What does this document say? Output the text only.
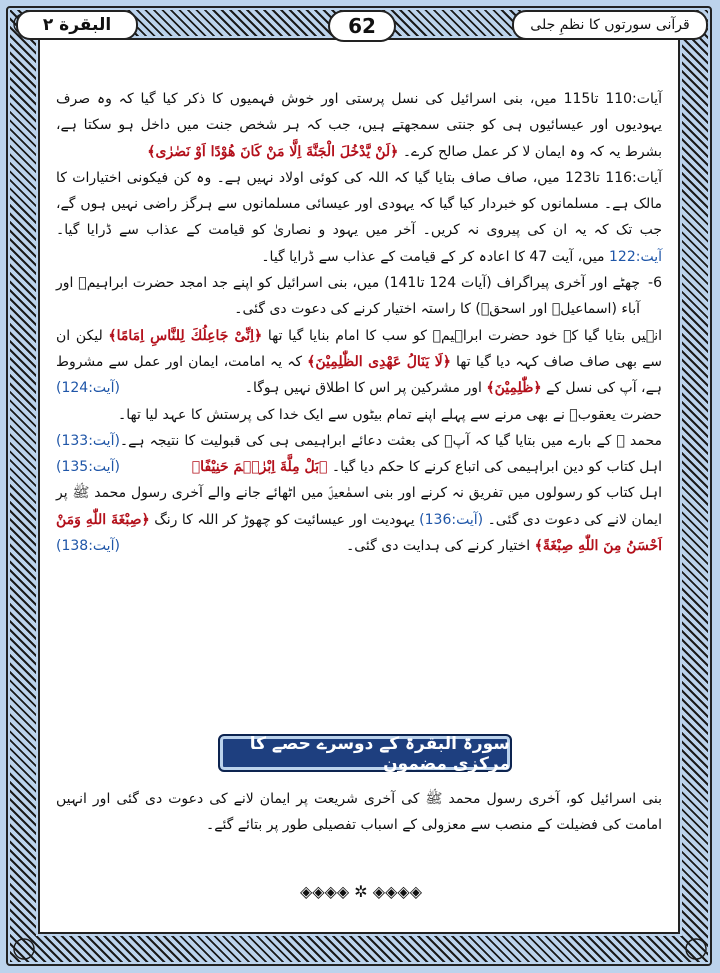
البقرة ۲	62	قرآنی سورتوں کا نظمِ جلی

آیات:110 تا115 میں، بنی اسرائیل کی نسل پرستی اور خوش فہمیوں کا ذکر کیا گیا کہ وہ صرف یہودیوں اور عیسائیوں ہی کو جنتی سمجھتے ہیں، جب کہ ہر شخص جنت میں داخل ہو سکتا ہے، بشرط یہ کہ وہ ایمان لا کر عمل صالح کرے۔ ﴿لَنْ يَّدْخُلَ الْجَنَّةَ اِلَّا مَنْ كَانَ هُوْدًا اَوْ نَصٰرٰى﴾

آیات:116 تا123 میں، صاف صاف بتایا گیا کہ اللہ کی کوئی اولاد نہیں ہے۔ وہ کن فیکونی اختیارات کا مالک ہے۔ مسلمانوں کو خبردار کیا گیا کہ یہودی اور عیسائی مسلمانوں سے ہرگز راضی نہیں ہوں گے، جب تک کہ یہ ان کی پیروی نہ کریں۔ آخر میں یہود و نصاریٰ کو قیامت کے عذاب سے ڈرایا گیا۔ آیت:122 میں، آیت 47 کا اعادہ کر کے قیامت کے عذاب سے ڈرایا گیا۔

6-
چھٹے اور آخری پیراگراف (آیات 124 تا141) میں، بنی اسرائیل کو اپنے جد امجد حضرت ابراہیمؑ اور آباء (اسماعیلؑ اور اسحقؑ) کا راستہ اختیار کرنے کی دعوت دی گئی۔

انہیں بتایا گیا کہ خود حضرت ابراہیمؑ کو سب کا امام بنایا گیا تھا ﴿اِنِّىْ جَاعِلُكَ لِلنَّاسِ اِمَامًا﴾ لیکن ان سے بھی صاف صاف کہہ دیا گیا تھا ﴿لَا يَنَالُ عَهْدِى الظّٰلِمِيْنَ﴾ کہ یہ امامت، ایمان اور عمل سے مشروط ہے، آپ کی نسل کے ﴿ظّٰلِمِيْنَ﴾ اور مشرکین پر اس کا اطلاق نہیں ہوگا۔
(آیت:124)

حضرت یعقوبؑ نے بھی مرنے سے پہلے اپنے تمام بیٹوں سے ایک خدا کی پرستش کا عہد لیا تھا۔
(آیت:133) محمد ﷺ کے بارے میں بتایا گیا کہ آپؐ کی بعثت دعائے ابراہیمی ہی کی قبولیت کا نتیجہ ہے۔ اہل کتاب کو دین ابراہیمی کی اتباع کرنے کا حکم دیا گیا۔ ﴿بَلْ مِلَّةَ اِبْرٰهٖمَ حَنِيْفًا﴾
(آیت:135)

اہل کتاب کو رسولوں میں تفریق نہ کرنے اور بنی اسمٰعیلؑ میں اٹھائے جانے والے آخری رسول محمد ﷺ پر ایمان لانے کی دعوت دی گئی۔ (آیت:136) یہودیت اور عیسائیت کو چھوڑ کر اللہ کا رنگ ﴿صِبْغَةَ اللّٰهِ وَمَنْ اَحْسَنُ مِنَ اللّٰهِ صِبْغَةً﴾ اختیار کرنے کی ہدایت دی گئی۔
(آیت:138)

سورۃ البقرۃ کے دوسرے حصے کا مرکزی مضمون
بنی اسرائیل کو، آخری رسول محمد ﷺ کی آخری شریعت پر ایمان لانے کی دعوت دی گئی اور انہیں امامت کی فضیلت کے منصب سے معزولی کے اسباب تفصیلی طور پر بتائے گئے۔
◈◈◈◈ ✲ ◈◈◈◈
